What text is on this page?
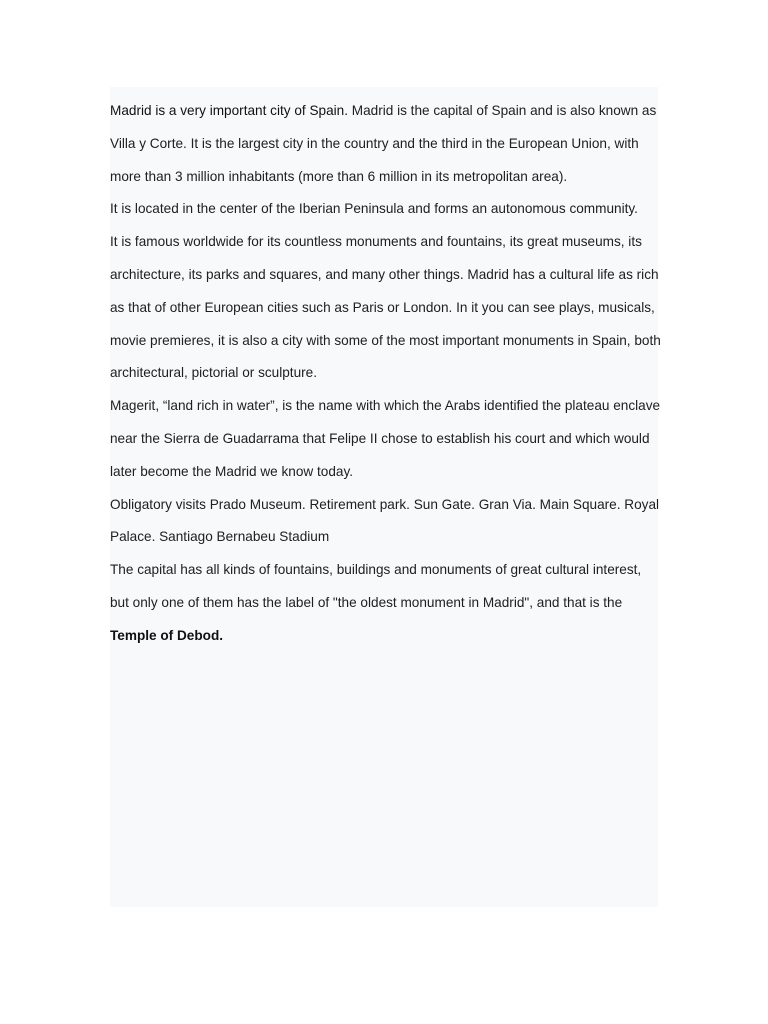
Madrid is a very important city of Spain. Madrid is the capital of Spain and is also known as Villa y Corte. It is the largest city in the country and the third in the European Union, with more than 3 million inhabitants (more than 6 million in its metropolitan area).

It is located in the center of the Iberian Peninsula and forms an autonomous community.

It is famous worldwide for its countless monuments and fountains, its great museums, its architecture, its parks and squares, and many other things. Madrid has a cultural life as rich as that of other European cities such as Paris or London. In it you can see plays, musicals, movie premieres, it is also a city with some of the most important monuments in Spain, both architectural, pictorial or sculpture.

Magerit, “land rich in water”, is the name with which the Arabs identified the plateau enclave near the Sierra de Guadarrama that Felipe II chose to establish his court and which would later become the Madrid we know today.

Obligatory visits Prado Museum. Retirement park. Sun Gate. Gran Via. Main Square. Royal Palace. Santiago Bernabeu Stadium

The capital has all kinds of fountains, buildings and monuments of great cultural interest, but only one of them has the label of "the oldest monument in Madrid", and that is the Temple of Debod.
